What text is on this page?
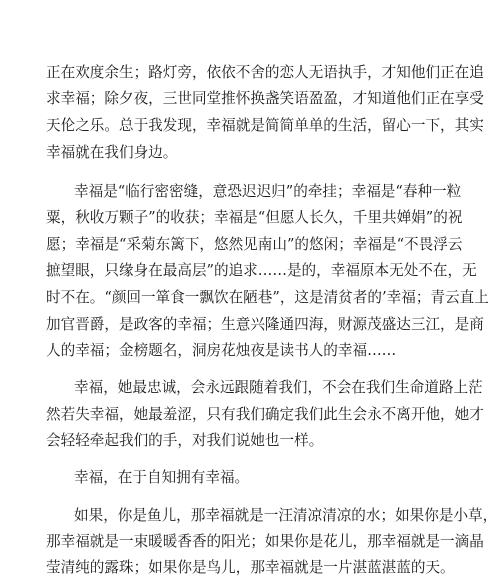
正在欢度余生；路灯旁，依依不舍的恋人无语执手，才知他们正在追
求幸福；除夕夜，三世同堂推怀换盏笑语盈盈，才知道他们正在享受
天伦之乐。总于我发现，幸福就是简简单单的生活，留心一下，其实
幸福就在我们身边。
幸福是“临行密密缝，意恐迟迟归”的牵挂；幸福是“春种一粒
粟，秋收万颗子”的收获；幸福是“但愿人长久，千里共婵娟”的祝
愿；幸福是“采菊东篱下，悠然见南山”的悠闲；幸福是“不畏浮云
摭望眼，只缘身在最高层”的追求……是的，幸福原本无处不在，无
时不在。“颜回一箪食一飘饮在陋巷”，这是清贫者的’幸福；青云直上
加官晋爵，是政客的幸福；生意兴隆通四海，财源茂盛达三江，是商
人的幸福；金榜题名，洞房花烛夜是读书人的幸福……
幸福，她最忠诚，会永远跟随着我们，不会在我们生命道路上茫
然若失幸福，她最羞涩，只有我们确定我们此生会永不离开他，她才
会轻轻牵起我们的手，对我们说她也一样。
幸福，在于自知拥有幸福。
如果，你是鱼儿，那幸福就是一汪清凉清凉的水；如果你是小草，
那幸福就是一束暖暖香香的阳光；如果你是花儿，那幸福就是一滴晶
莹清纯的露珠；如果你是鸟儿，那幸福就是一片湛蓝湛蓝的天。
